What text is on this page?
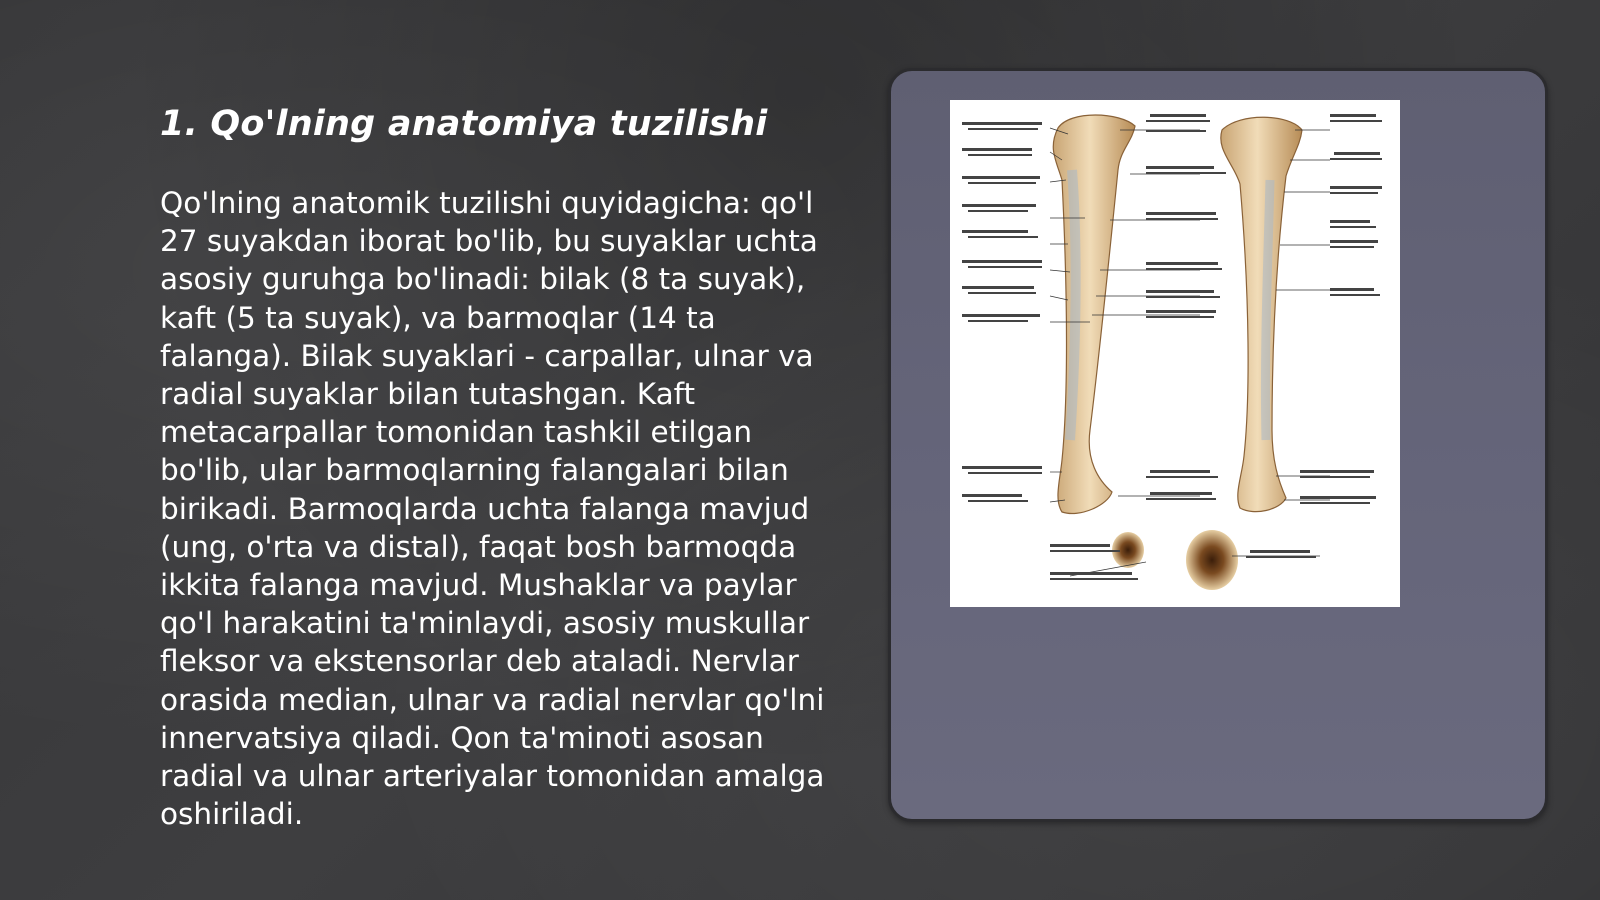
1. Qo'lning anatomiya tuzilishi

Qo'lning anatomik tuzilishi quyidagicha: qo'l 27 suyakdan iborat bo'lib, bu suyaklar uchta asosiy guruhga bo'linadi: bilak (8 ta suyak), kaft (5 ta suyak), va barmoqlar (14 ta falanga). Bilak suyaklari - carpallar, ulnar va radial suyaklar bilan tutashgan. Kaft metacarpallar tomonidan tashkil etilgan bo'lib, ular barmoqlarning falangalari bilan birikadi. Barmoqlarda uchta falanga mavjud (ung, o'rta va distal), faqat bosh barmoqda ikkita falanga mavjud. Mushaklar va paylar qo'l harakatini ta'minlaydi, asosiy muskullar fleksor va ekstensorlar deb ataladi. Nervlar orasida median, ulnar va radial nervlar qo'lni innervatsiya qiladi. Qon ta'minoti asosan radial va ulnar arteriyalar tomonidan amalga oshiriladi.
